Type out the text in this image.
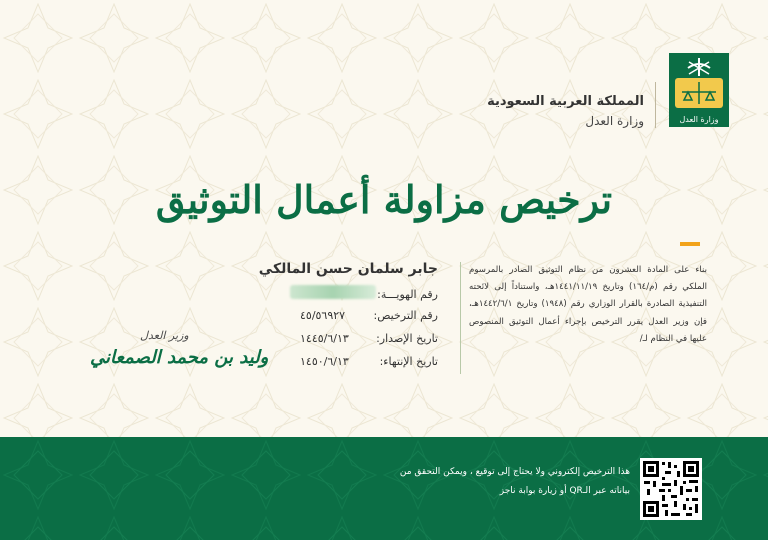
وزارة العدل
المملكة العربية السعودية
وزارة العدل
ترخيص مزاولة أعمال التوثيق
بناء على المادة العشرون من نظام التوثيق الصادر بالمرسوم الملكي رقم (م/١٦٤) وتاريخ ١٤٤١/١١/١٩هـ، واستناداً إلى لائحته التنفيذية الصادرة بالقرار الوزاري رقم (١٩٤٨) وتاريخ ١٤٤٢/٦/١هـ، فإن وزير العدل يقرر الترخيص بإجراء أعمال التوثيق المنصوص عليها في النظام لـ/
جابر سلمان حسن المالكي
رقم الهويـــة:
رقم الترخيص:
٤٥/٥٦٩٢٧
تاريخ الإصدار:
١٤٤٥/٦/١٣
تاريخ الإنتهاء:
١٤٥٠/٦/١٣
وزير العدل
وليد بن محمد الصمعاني
هذا الترخيص إلكتروني ولا يحتاج إلى توقيع ، ويمكن التحقق من
بياناته عبر الـQR أو زيارة بوابة ناجز
